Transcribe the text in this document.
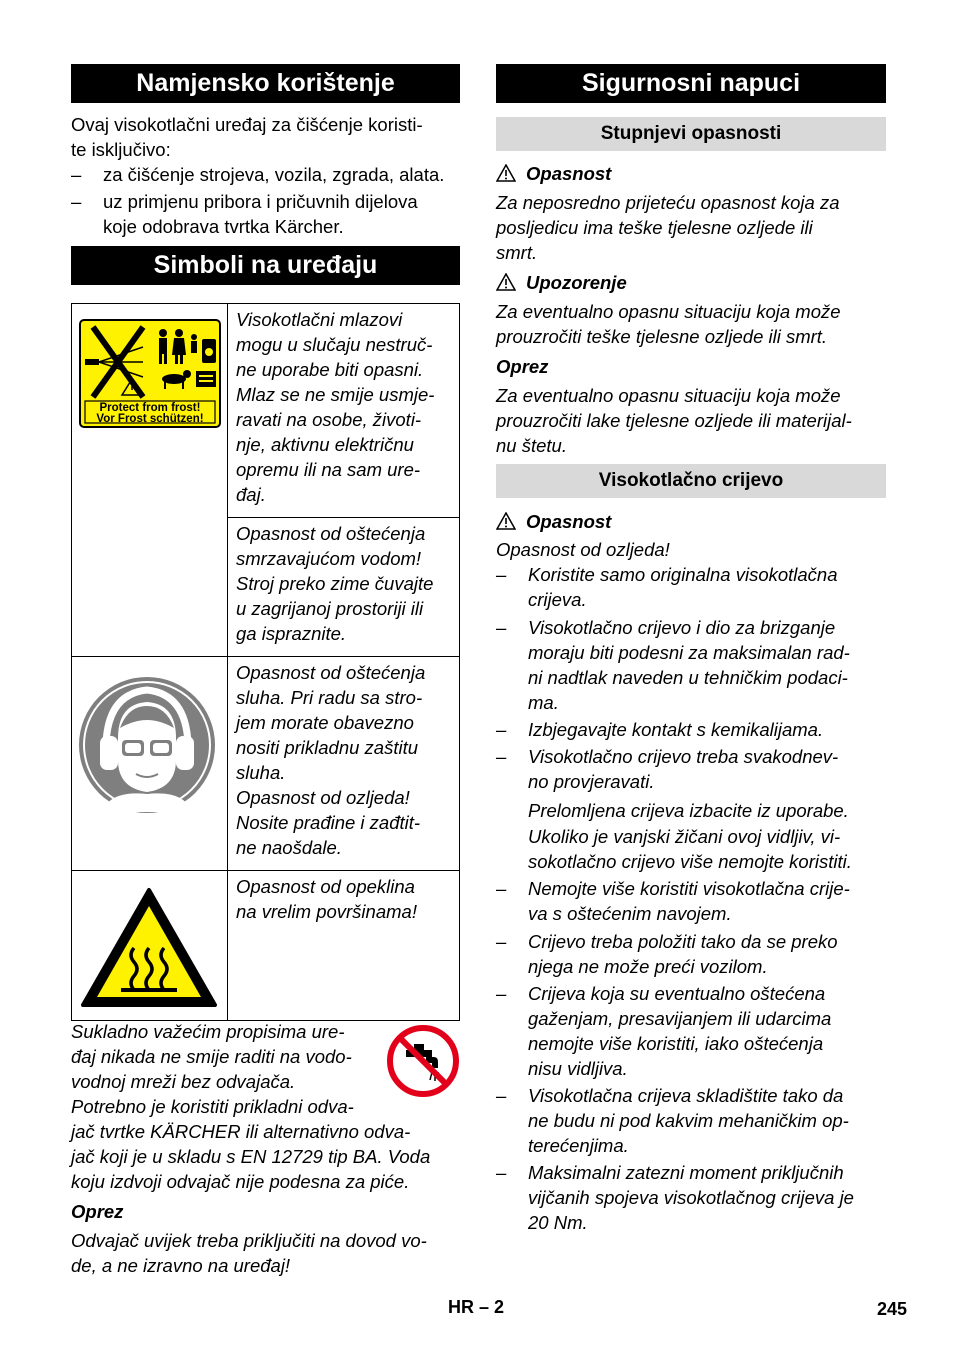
Namjensko korištenje

Ovaj visokotlačni uređaj za čišćenje koristi-

te isključivo:

–	za čišćenje strojeva, vozila, zgrada, alata.
–	uz primjenu pribora i pričuvnih dijelova
koje odobrava tvrtka Kärcher.
Simboli na uređaju
Protect from frost!
Vor Frost schützen!
Visokotlačni mlazovi
mogu u slučaju nestruč-
ne uporabe biti opasni.
Mlaz se ne smije usmje-
ravati na osobe, životi-
nje, aktivnu električnu
opremu ili na sam ure-
đaj.
Opasnost od oštećenja
smrzavajućom vodom!
Stroj preko zime čuvajte
u zagrijanoj prostoriji ili
ga ispraznite.
Opasnost od oštećenja
sluha. Pri radu sa stro-
jem morate obavezno
nositi prikladnu zaštitu
sluha.
Opasnost od ozljeda!
Nosite prađine i zađtit-
ne naošdale.
Opasnost od opeklina
na vrelim površinama!
Sukladno važećim propisima ure-
đaj nikada ne smije raditi na vodo-
vodnoj mreži bez odvajača.
Potrebno je koristiti prikladni odva-
jač tvrtke KÄRCHER ili alternativno odva-
jač koji je u skladu s EN 12729 tip BA. Voda
koju izdvoji odvajač nije podesna za piće.

Oprez

Odvajač uvijek treba priključiti na dovod vo-
de, a ne izravno na uređaj!
Sigurnosni napuci
Stupnjevi opasnosti
Opasnost
Za neposredno prijeteću opasnost koja za
posljedicu ima teške tjelesne ozljede ili
smrt.
Upozorenje
Za eventualno opasnu situaciju koja može
prouzročiti teške tjelesne ozljede ili smrt.

Oprez

Za eventualno opasnu situaciju koja može
prouzročiti lake tjelesne ozljede ili materijal-
nu štetu.
Visokotlačno crijevo
Opasnost

Opasnost od ozljeda!

–	Koristite samo originalna visokotlačna
crijeva.
–	Visokotlačno crijevo i dio za brizganje
moraju biti podesni za maksimalan rad-
ni nadtlak naveden u tehničkim podaci-
ma.
–	Izbjegavajte kontakt s kemikalijama.
–	Visokotlačno crijevo treba svakodnev-
no provjeravati.
Prelomljena crijeva izbacite iz uporabe.
Ukoliko je vanjski žičani ovoj vidljiv, vi-
sokotlačno crijevo više nemojte koristiti.
–	Nemojte više koristiti visokotlačna crije-
va s oštećenim navojem.
–	Crijevo treba položiti tako da se preko
njega ne može preći vozilom.
–	Crijeva koja su eventualno oštećena
gaženjam, presavijanjem ili udarcima
nemojte više koristiti, iako oštećenja
nisu vidljiva.
–	Visokotlačna crijeva skladištite tako da
ne budu ni pod kakvim mehaničkim op-
terećenjima.
–	Maksimalni zatezni moment priključnih
vijčanih spojeva visokotlačnog crijeva je
20 Nm.
HR – 2	245
